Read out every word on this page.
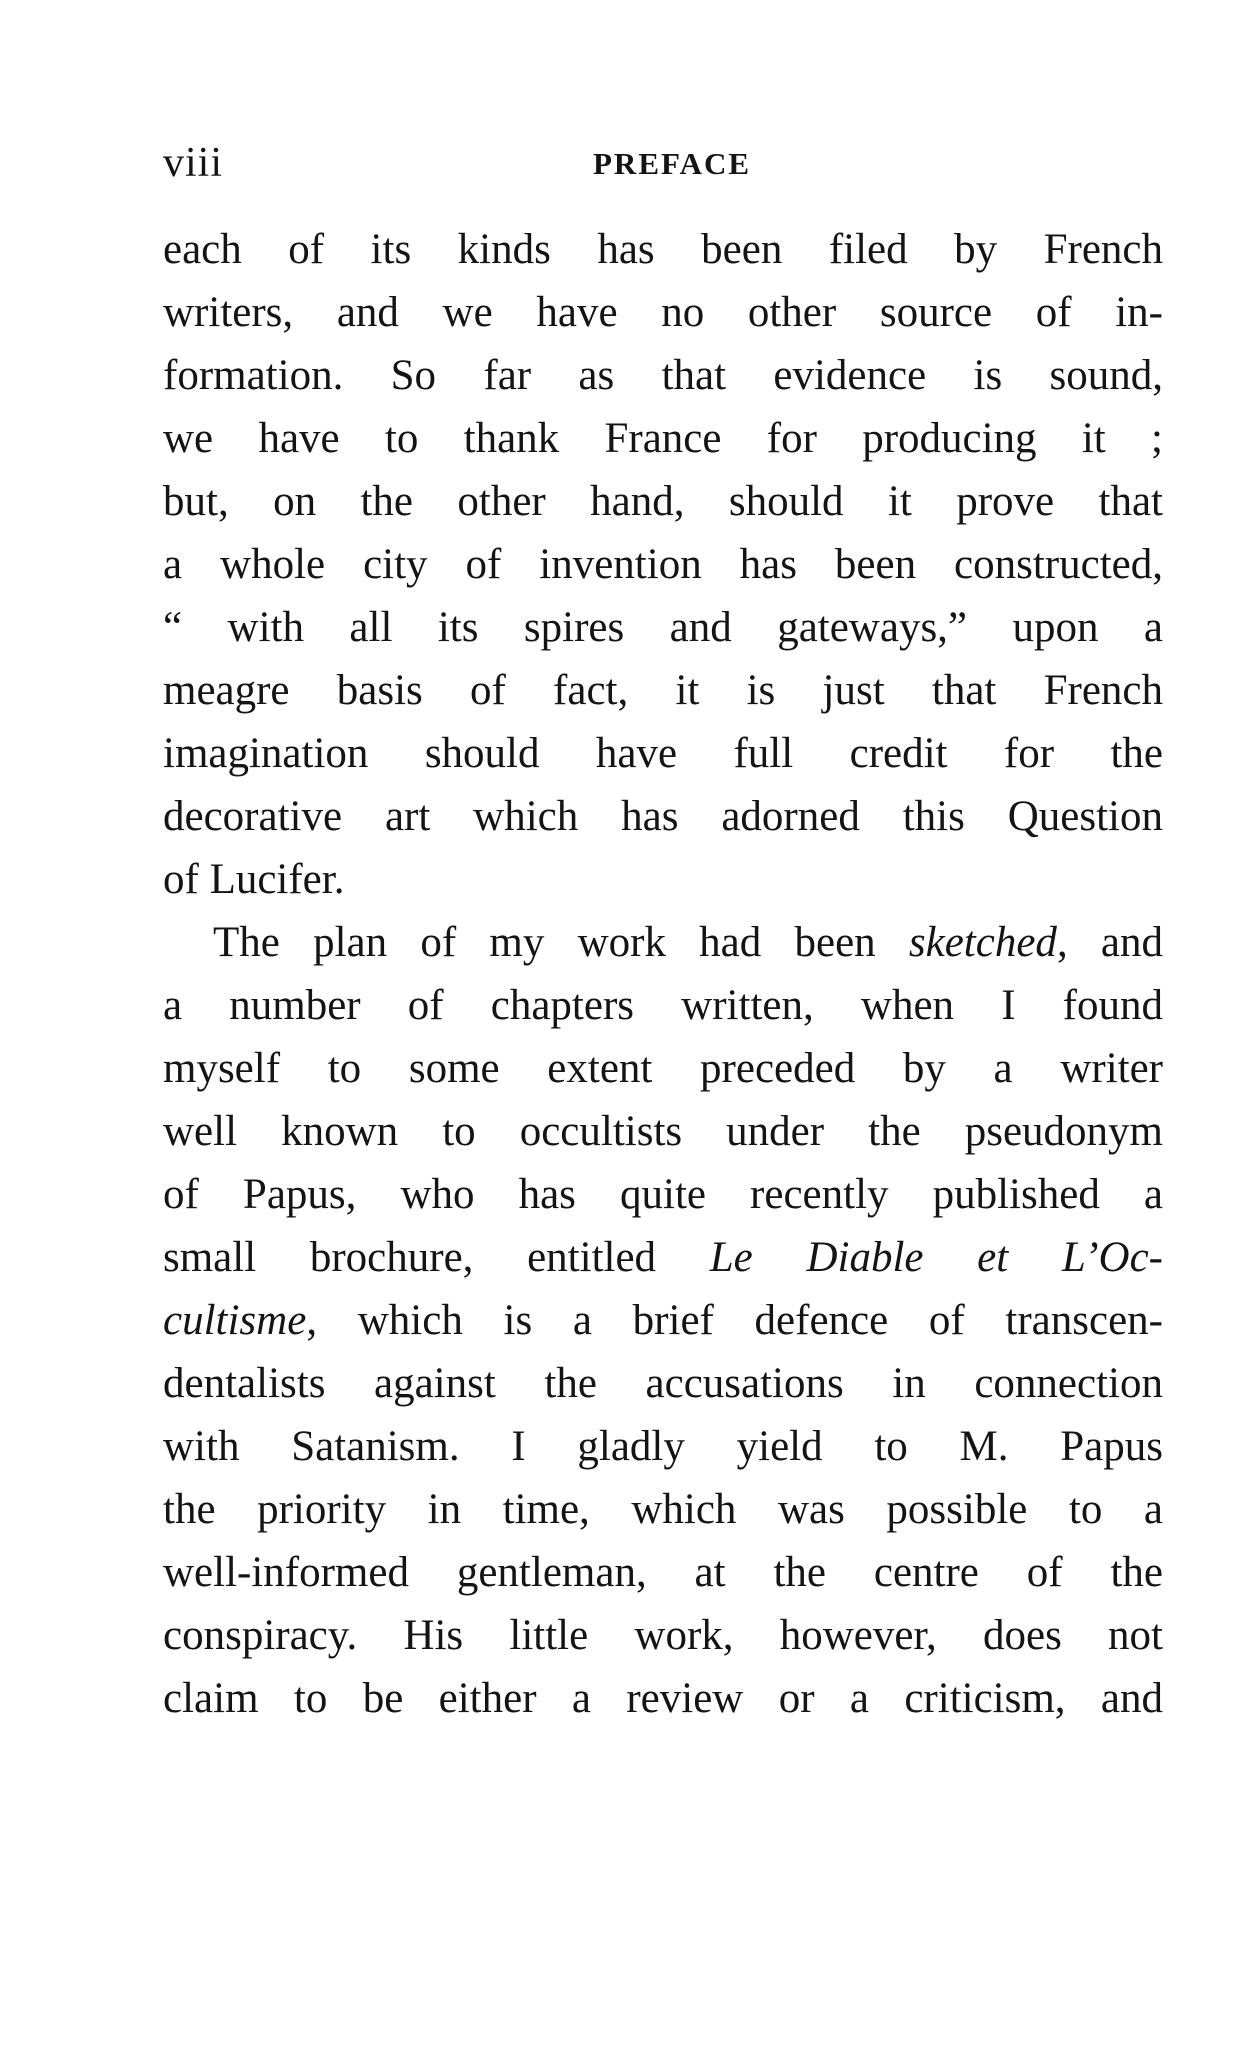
viii	PREFACE
each of its kinds has been filed by French
writers, and we have no other source of in-
formation. So far as that evidence is sound,
we have to thank France for producing it ;
but, on the other hand, should it prove that
a whole city of invention has been constructed,
“ with all its spires and gateways,” upon a
meagre basis of fact, it is just that French
imagination should have full credit for the
decorative art which has adorned this Question
of Lucifer.
The plan of my work had been sketched, and
a number of chapters written, when I found
myself to some extent preceded by a writer
well known to occultists under the pseudonym
of Papus, who has quite recently published a
small brochure, entitled Le Diable et L’Oc-
cultisme, which is a brief defence of transcen-
dentalists against the accusations in connection
with Satanism. I gladly yield to M. Papus
the priority in time, which was possible to a
well-informed gentleman, at the centre of the
conspiracy. His little work, however, does not
claim to be either a review or a criticism, and
